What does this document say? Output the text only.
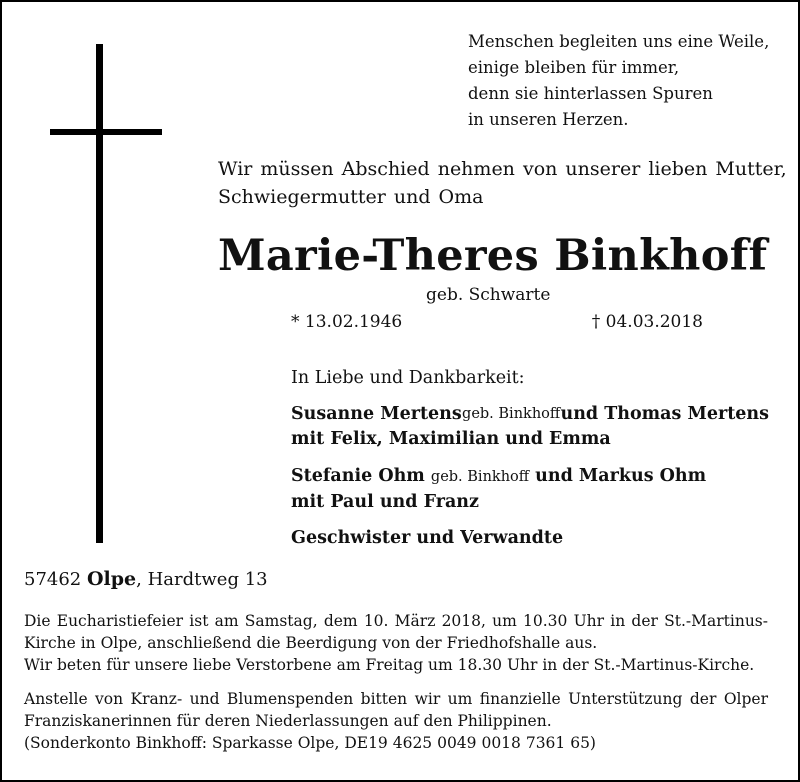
Menschen begleiten uns eine Weile,
einige bleiben für immer,
denn sie hinterlassen Spuren
in unseren Herzen.
Wir müssen Abschied nehmen von unserer lieben Mutter,
Schwiegermutter und Oma
Marie-Theres Binkhoff
geb. Schwarte
* 13.02.1946	† 04.03.2018
In Liebe und Dankbarkeit:
Susanne Mertens geb. Binkhoff und Thomas Mertens
mit Felix, Maximilian und Emma
Stefanie Ohm geb. Binkhoff und Markus Ohm
mit Paul und Franz
Geschwister und Verwandte
57462 Olpe, Hardtweg 13
Die Eucharistiefeier ist am Samstag, dem 10. März 2018, um 10.30 Uhr in der St.-Martinus-
Kirche in Olpe, anschließend die Beerdigung von der Friedhofshalle aus.
Wir beten für unsere liebe Verstorbene am Freitag um 18.30 Uhr in der St.-Martinus-Kirche.
Anstelle von Kranz- und Blumenspenden bitten wir um finanzielle Unterstützung der Olper
Franziskanerinnen für deren Niederlassungen auf den Philippinen.
(Sonderkonto Binkhoff: Sparkasse Olpe, DE19 4625 0049 0018 7361 65)
